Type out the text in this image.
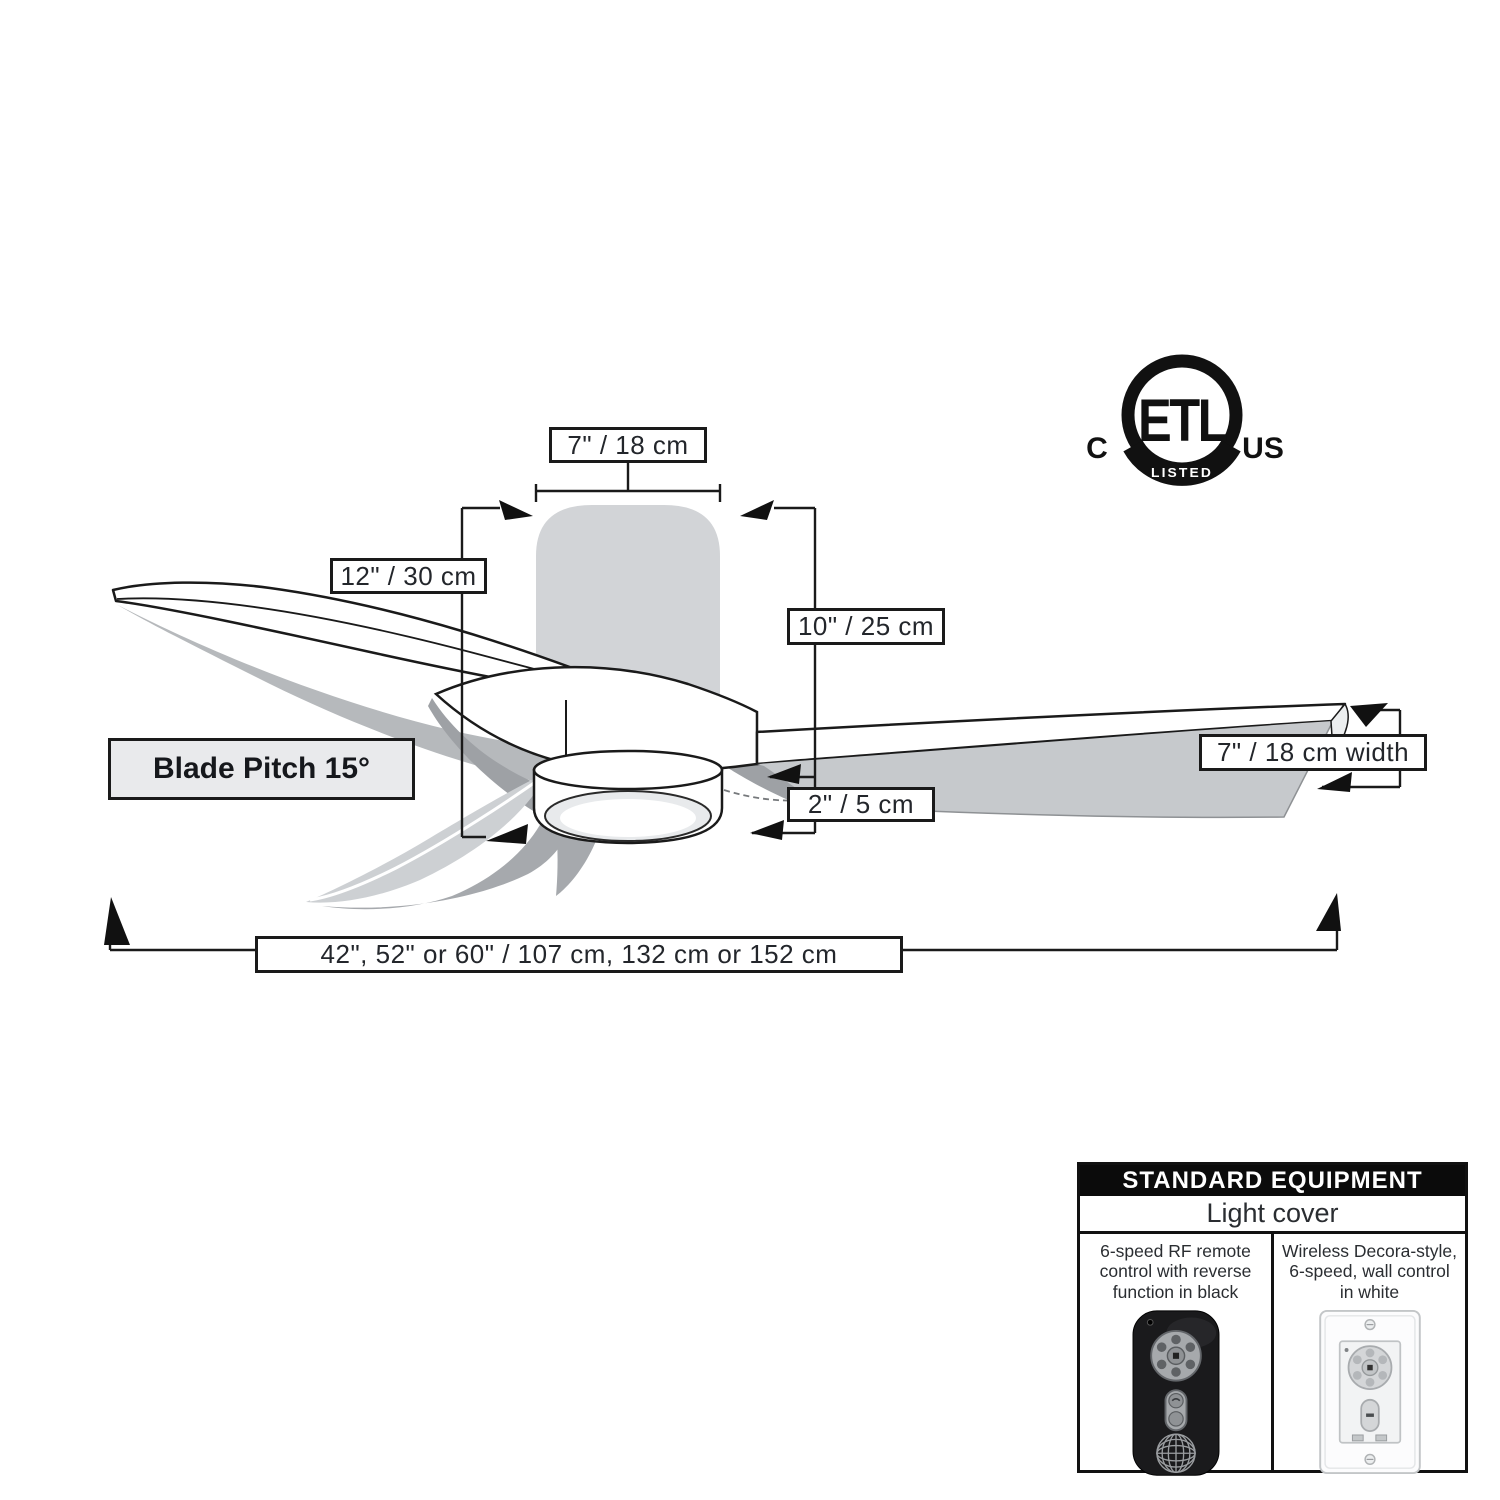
ETL
LISTED
C	US
7" / 18 cm
12" / 30 cm
10" / 25 cm
2" / 5 cm
7" / 18 cm width
42", 52" or 60" / 107 cm, 132 cm or 152 cm
Blade Pitch 15°
STANDARD EQUIPMENT
Light cover
6-speed RF remote control with reverse function in black
Wireless Decora-style, 6-speed, wall control in white
